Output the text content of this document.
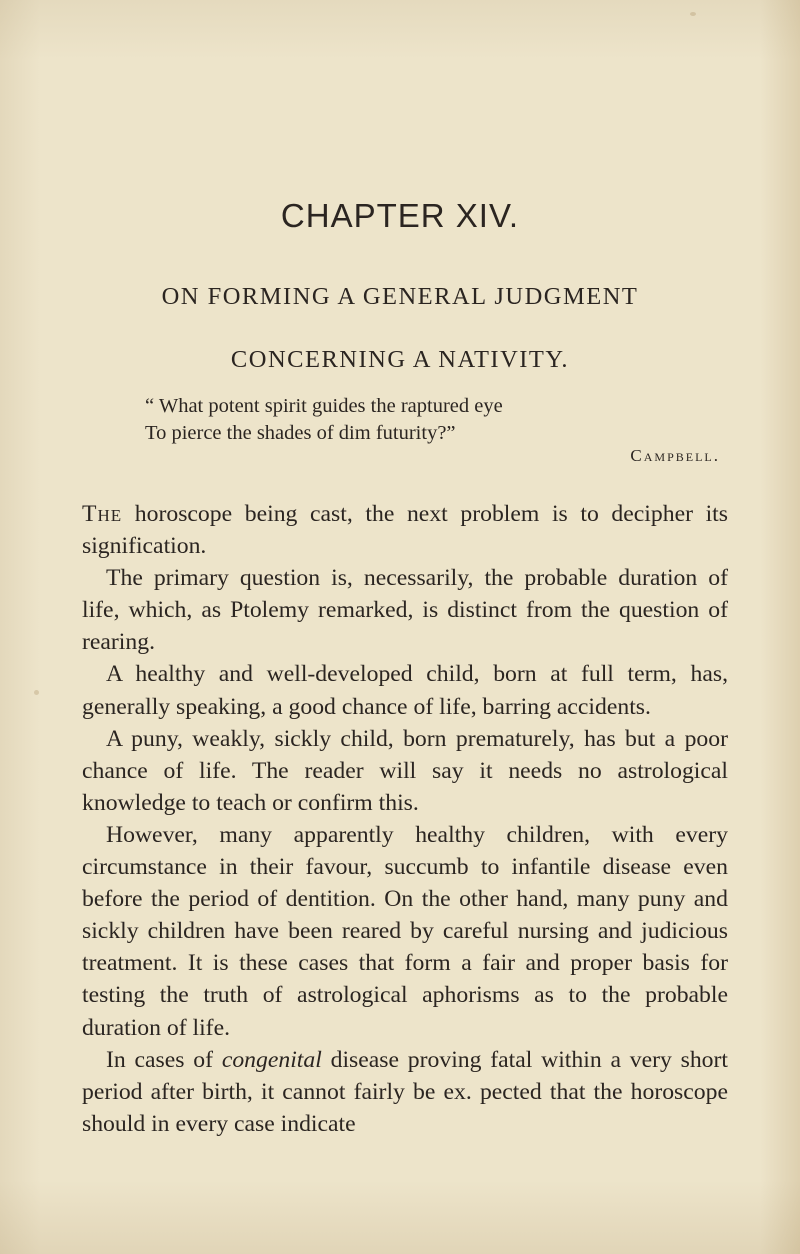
CHAPTER XIV.
ON FORMING A GENERAL JUDGMENT
CONCERNING A NATIVITY.
“ What potent spirit guides the raptured eye
To pierce the shades of dim futurity?”
Campbell.

The horoscope being cast, the next problem is to decipher its signification.

The primary question is, necessarily, the probable duration of life, which, as Ptolemy remarked, is distinct from the question of rearing.

A healthy and well-developed child, born at full term, has, generally speaking, a good chance of life, barring accidents.

A puny, weakly, sickly child, born prematurely, has but a poor chance of life. The reader will say it needs no astrological knowledge to teach or confirm this.

However, many apparently healthy children, with every circumstance in their favour, succumb to infantile disease even before the period of dentition. On the other hand, many puny and sickly children have been reared by careful nursing and judicious treatment. It is these cases that form a fair and proper basis for testing the truth of astrological aphorisms as to the probable duration of life.

In cases of congenital disease proving fatal within a very short period after birth, it cannot fairly be ex. pected that the horoscope should in every case indicate
